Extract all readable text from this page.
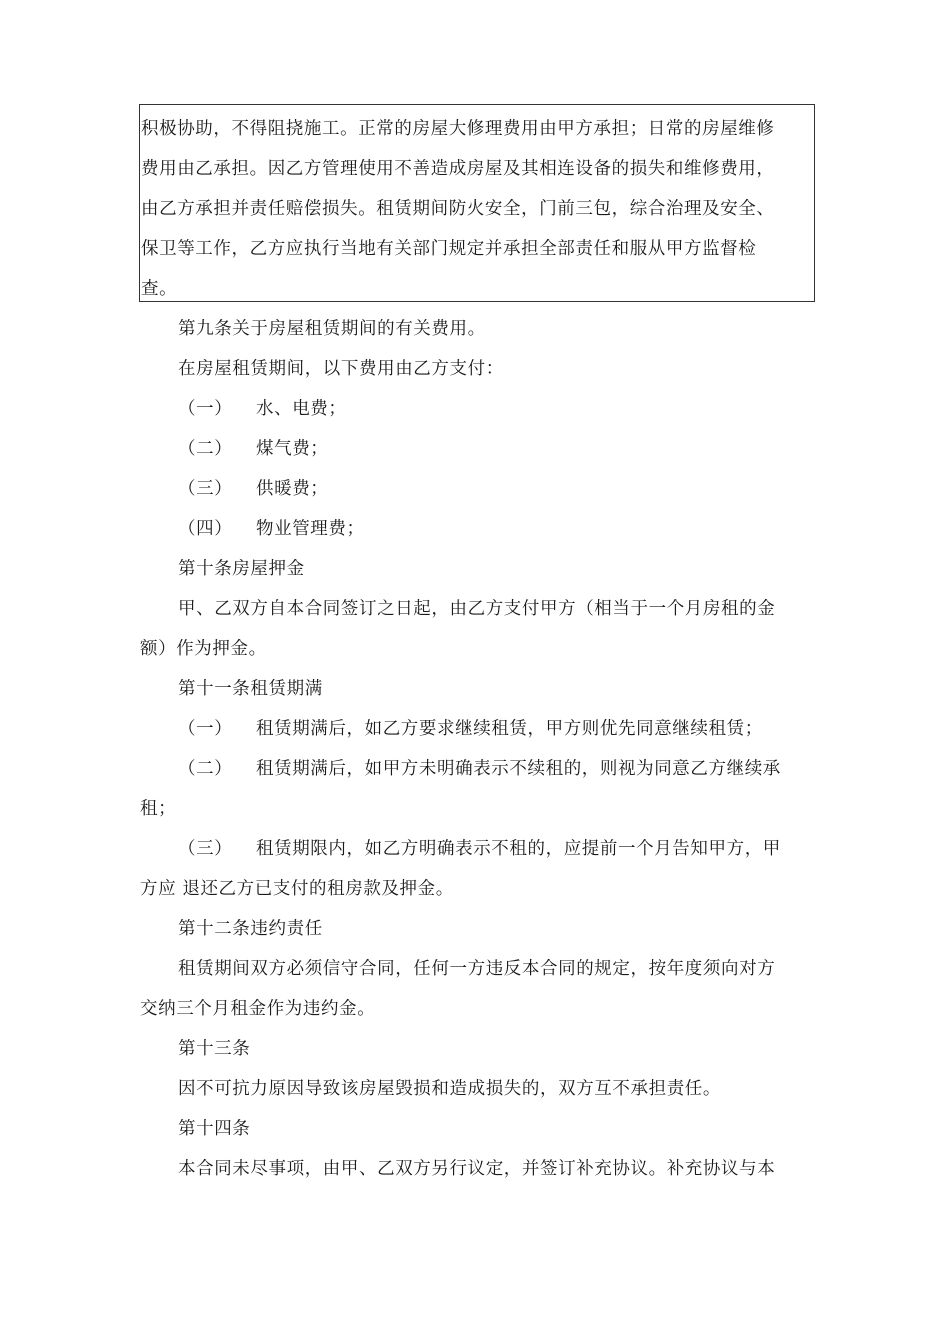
积极协助，不得阻挠施工。正常的房屋大修理费用由甲方承担；日常的房屋维修
费用由乙承担。因乙方管理使用不善造成房屋及其相连设备的损失和维修费用，
由乙方承担并责任赔偿损失。租赁期间防火安全，门前三包，综合治理及安全、
保卫等工作，乙方应执行当地有关部门规定并承担全部责任和服从甲方监督检
查。
第九条关于房屋租赁期间的有关费用。
在房屋租赁期间，以下费用由乙方支付：
（一） 水、电费；
（二） 煤气费；
（三） 供暖费；
（四） 物业管理费；
第十条房屋押金
甲、乙双方自本合同签订之日起，由乙方支付甲方（相当于一个月房租的金
额）作为押金。
第十一条租赁期满
（一） 租赁期满后，如乙方要求继续租赁，甲方则优先同意继续租赁；
（二） 租赁期满后，如甲方未明确表示不续租的，则视为同意乙方继续承
租；
（三） 租赁期限内，如乙方明确表示不租的，应提前一个月告知甲方，甲
方应 退还乙方已支付的租房款及押金。
第十二条违约责任
租赁期间双方必须信守合同，任何一方违反本合同的规定，按年度须向对方
交纳三个月租金作为违约金。
第十三条
因不可抗力原因导致该房屋毁损和造成损失的，双方互不承担责任。
第十四条
本合同未尽事项，由甲、乙双方另行议定，并签订补充协议。补充协议与本
